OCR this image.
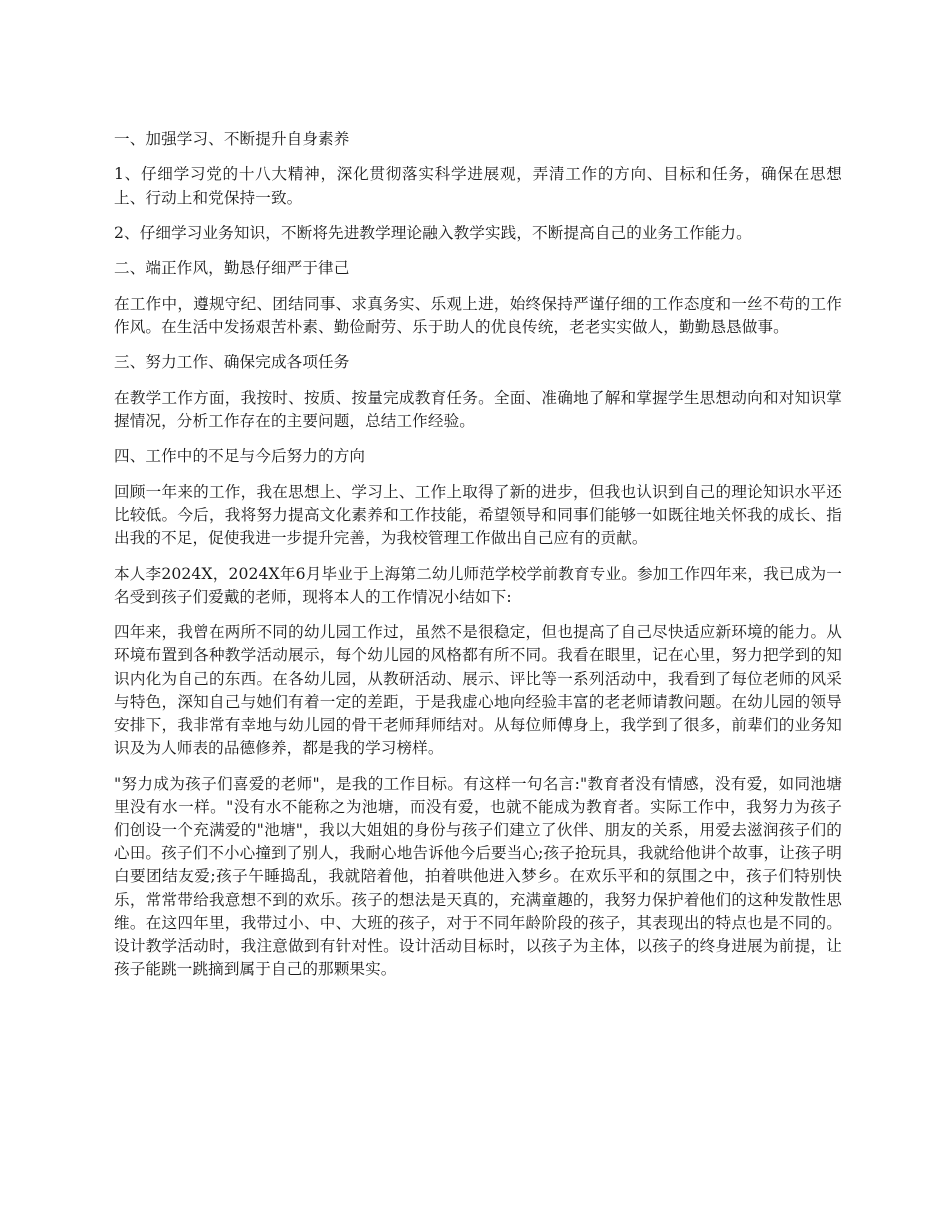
一、加强学习、不断提升自身素养

1、仔细学习党的十八大精神，深化贯彻落实科学进展观，弄清工作的方向、目标和任务，确保在思想上、行动上和党保持一致。

2、仔细学习业务知识，不断将先进教学理论融入教学实践，不断提高自己的业务工作能力。

二、端正作风，勤恳仔细严于律己

在工作中，遵规守纪、团结同事、求真务实、乐观上进，始终保持严谨仔细的工作态度和一丝不苟的工作作风。在生活中发扬艰苦朴素、勤俭耐劳、乐于助人的优良传统，老老实实做人，勤勤恳恳做事。

三、努力工作、确保完成各项任务

在教学工作方面，我按时、按质、按量完成教育任务。全面、准确地了解和掌握学生思想动向和对知识掌握情况，分析工作存在的主要问题，总结工作经验。

四、工作中的不足与今后努力的方向

回顾一年来的工作，我在思想上、学习上、工作上取得了新的进步，但我也认识到自己的理论知识水平还比较低。今后，我将努力提高文化素养和工作技能，希望领导和同事们能够一如既往地关怀我的成长、指出我的不足，促使我进一步提升完善，为我校管理工作做出自己应有的贡献。

本人李2024X，2024X年6月毕业于上海第二幼儿师范学校学前教育专业。参加工作四年来，我已成为一名受到孩子们爱戴的老师，现将本人的工作情况小结如下:

四年来，我曾在两所不同的幼儿园工作过，虽然不是很稳定，但也提高了自己尽快适应新环境的能力。从环境布置到各种教学活动展示，每个幼儿园的风格都有所不同。我看在眼里，记在心里，努力把学到的知识内化为自己的东西。在各幼儿园，从教研活动、展示、评比等一系列活动中，我看到了每位老师的风采与特色，深知自己与她们有着一定的差距，于是我虚心地向经验丰富的老老师请教问题。在幼儿园的领导安排下，我非常有幸地与幼儿园的骨干老师拜师结对。从每位师傅身上，我学到了很多，前辈们的业务知识及为人师表的品德修养，都是我的学习榜样。

"努力成为孩子们喜爱的老师"，是我的工作目标。有这样一句名言:"教育者没有情感，没有爱，如同池塘里没有水一样。"没有水不能称之为池塘，而没有爱，也就不能成为教育者。实际工作中，我努力为孩子们创设一个充满爱的"池塘"，我以大姐姐的身份与孩子们建立了伙伴、朋友的关系，用爱去滋润孩子们的心田。孩子们不小心撞到了别人，我耐心地告诉他今后要当心;孩子抢玩具，我就给他讲个故事，让孩子明白要团结友爱;孩子午睡捣乱，我就陪着他，拍着哄他进入梦乡。在欢乐平和的氛围之中，孩子们特别快乐，常常带给我意想不到的欢乐。孩子的想法是天真的，充满童趣的，我努力保护着他们的这种发散性思维。在这四年里，我带过小、中、大班的孩子，对于不同年龄阶段的孩子，其表现出的特点也是不同的。设计教学活动时，我注意做到有针对性。设计活动目标时，以孩子为主体，以孩子的终身进展为前提，让孩子能跳一跳摘到属于自己的那颗果实。
